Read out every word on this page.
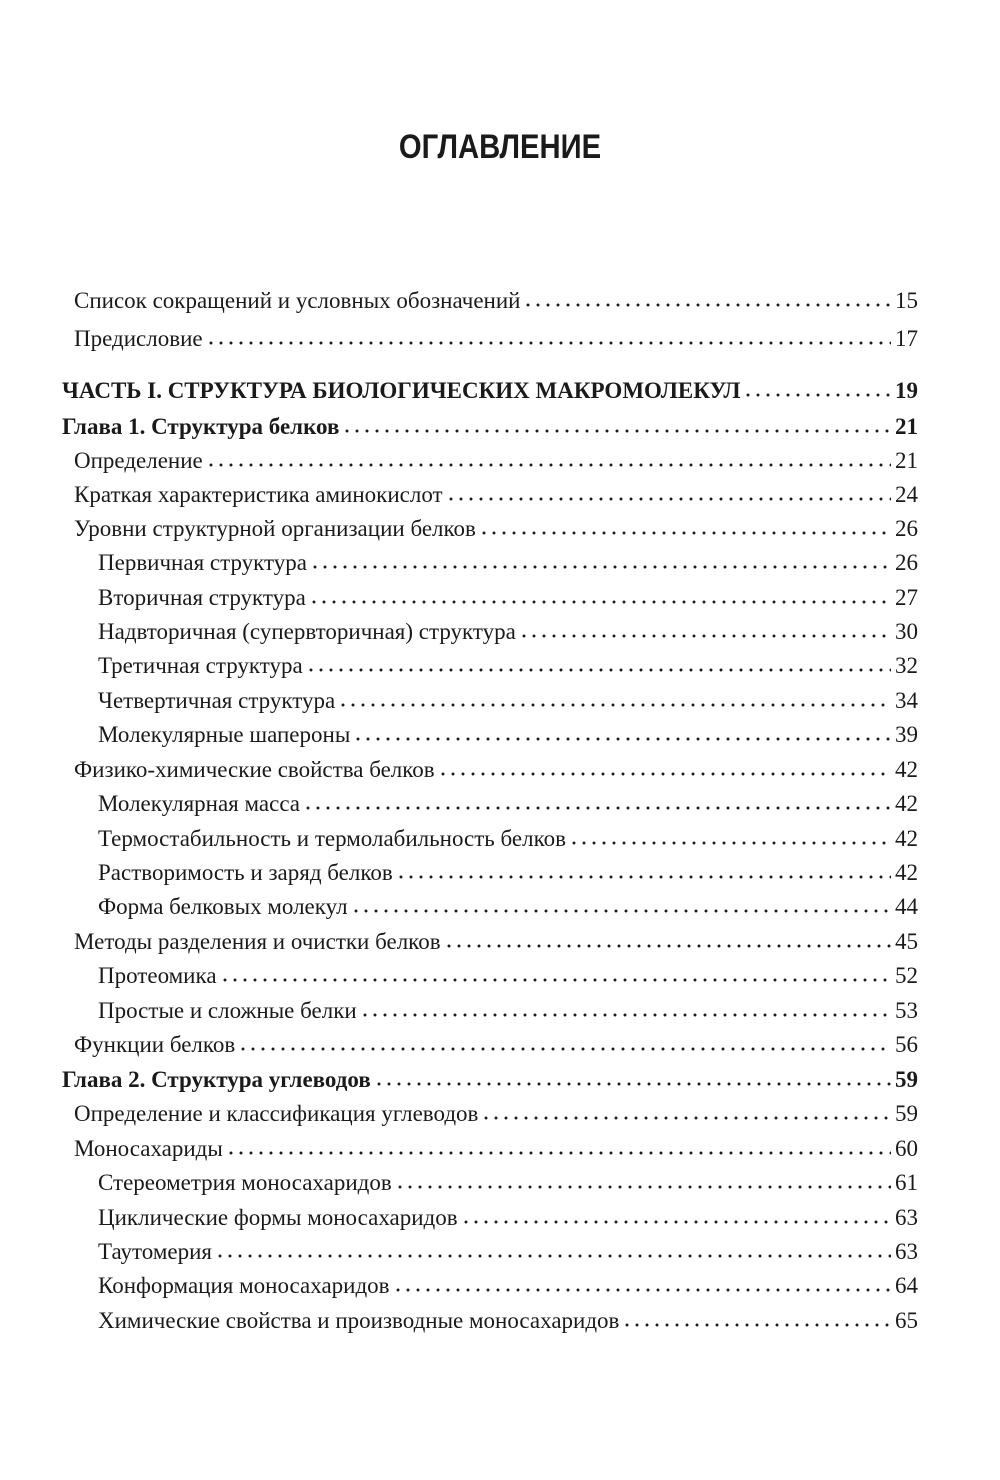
ОГЛАВЛЕНИЕ
Список сокращений и условных обозначений	15
Предисловие	17
ЧАСТЬ I. СТРУКТУРА БИОЛОГИЧЕСКИХ МАКРОМОЛЕКУЛ	19
Глава 1. Структура белков	21
Определение	21
Краткая характеристика аминокислот	24
Уровни структурной организации белков	26
Первичная структура	26
Вторичная структура	27
Надвторичная (супервторичная) структура	30
Третичная структура	32
Четвертичная структура	34
Молекулярные шапероны	39
Физико-химические свойства белков	42
Молекулярная масса	42
Термостабильность и термолабильность белков	42
Растворимость и заряд белков	42
Форма белковых молекул	44
Методы разделения и очистки белков	45
Протеомика	52
Простые и сложные белки	53
Функции белков	56
Глава 2. Структура углеводов	59
Определение и классификация углеводов	59
Моносахариды	60
Стереометрия моносахаридов	61
Циклические формы моносахаридов	63
Таутомерия	63
Конформация моносахаридов	64
Химические свойства и производные моносахаридов	65
